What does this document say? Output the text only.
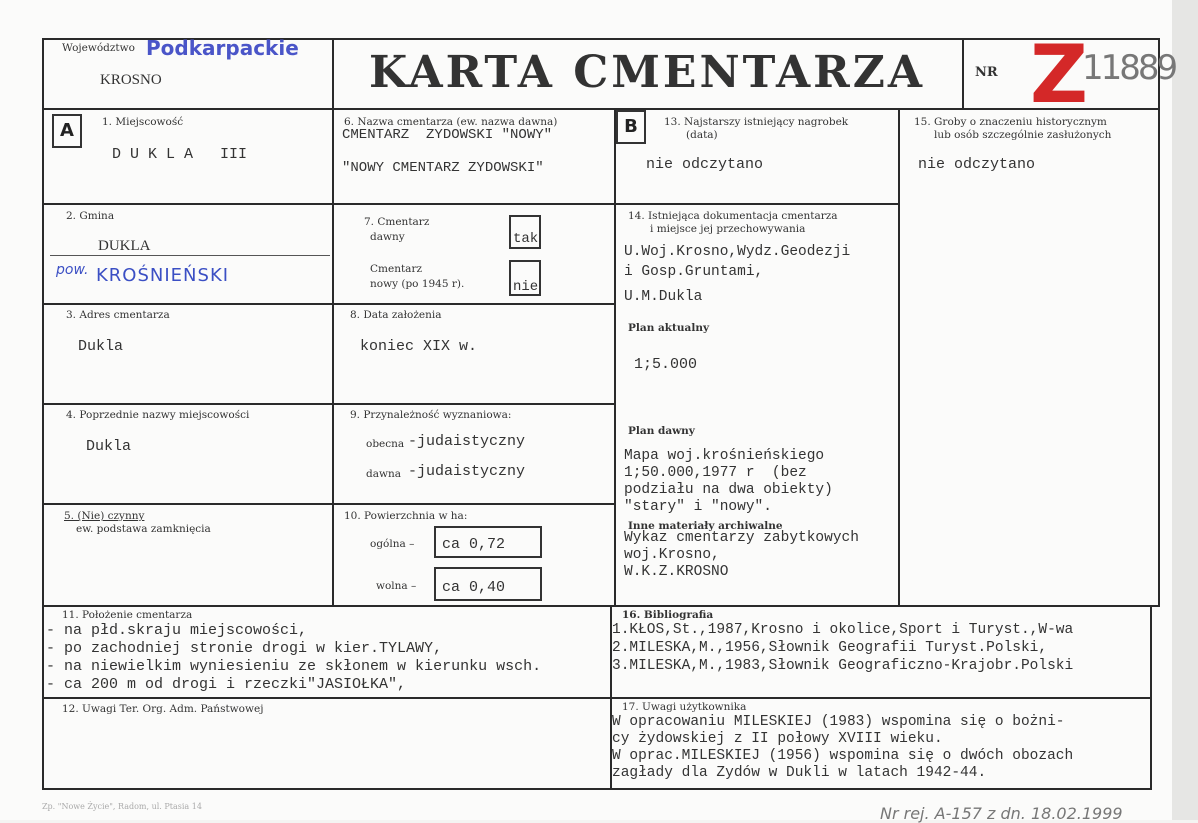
Województwo Podkarpackie
KROSNO	KARTA CMENTARZA	NR Z
11889
A	1. Miejscowość
D U K L A   III
2. Gmina
DUKLA
pow. KROŚNIEŃSKI
3. Adres cmentarza
Dukla
4. Poprzednie nazwy miejscowości
Dukla
5. (Nie) czynny
ew. podstawa zamknięcia
6. Nazwa cmentarza (ew. nazwa dawna)
CMENTARZ  ZYDOWSKI "NOWY"
"NOWY CMENTARZ ZYDOWSKI"
7. Cmentarz
dawny	tak
Cmentarz
nowy (po 1945 r).	nie
8. Data założenia
koniec XIX w.
9. Przynależność wyznaniowa:
obecna -judaistyczny
dawna -judaistyczny
10. Powierzchnia w ha:
ogólna – ca 0,72
wolna – ca 0,40
B	13. Najstarszy istniejący nagrobek
(data)
nie odczytano
14. Istniejąca dokumentacja cmentarza
i miejsce jej przechowywania
U.Woj.Krosno,Wydz.Geodezji
i Gosp.Gruntami,
U.M.Dukla
Plan aktualny
1;5.000
Plan dawny
Mapa woj.krośnieńskiego
1;50.000,1977 r  (bez
podziału na dwa obiekty)
"stary" i "nowy".
Inne materiały archiwalne
Wykaz cmentarzy zabytkowych
woj.Krosno,
W.K.Z.KROSNO
15. Groby o znaczeniu historycznym
lub osób szczególnie zasłużonych
nie odczytano
11. Położenie cmentarza
- na płd.skraju miejscowości,
- po zachodniej stronie drogi w kier.TYLAWY,
- na niewielkim wyniesieniu ze skłonem w kierunku wsch.
- ca 200 m od drogi i rzeczki"JASIOŁKA",
12. Uwagi Ter. Org. Adm. Państwowej
16. Bibliografia
1.KŁOS,St.,1987,Krosno i okolice,Sport i Turyst.,W-wa
2.MILESKA,M.,1956,Słownik Geografii Turyst.Polski,
3.MILESKA,M.,1983,Słownik Geograficzno-Krajobr.Polski
17. Uwagi użytkownika
W opracowaniu MILESKIEJ (1983) wspomina się o bożni-
cy żydowskiej z II połowy XVIII wieku.
W oprac.MILESKIEJ (1956) wspomina się o dwóch obozach
zagłady dla Zydów w Dukli w latach 1942-44.
Zp. "Nowe Życie", Radom, ul. Ptasia 14	Nr rej. A-157 z dn. 18.02.1999
